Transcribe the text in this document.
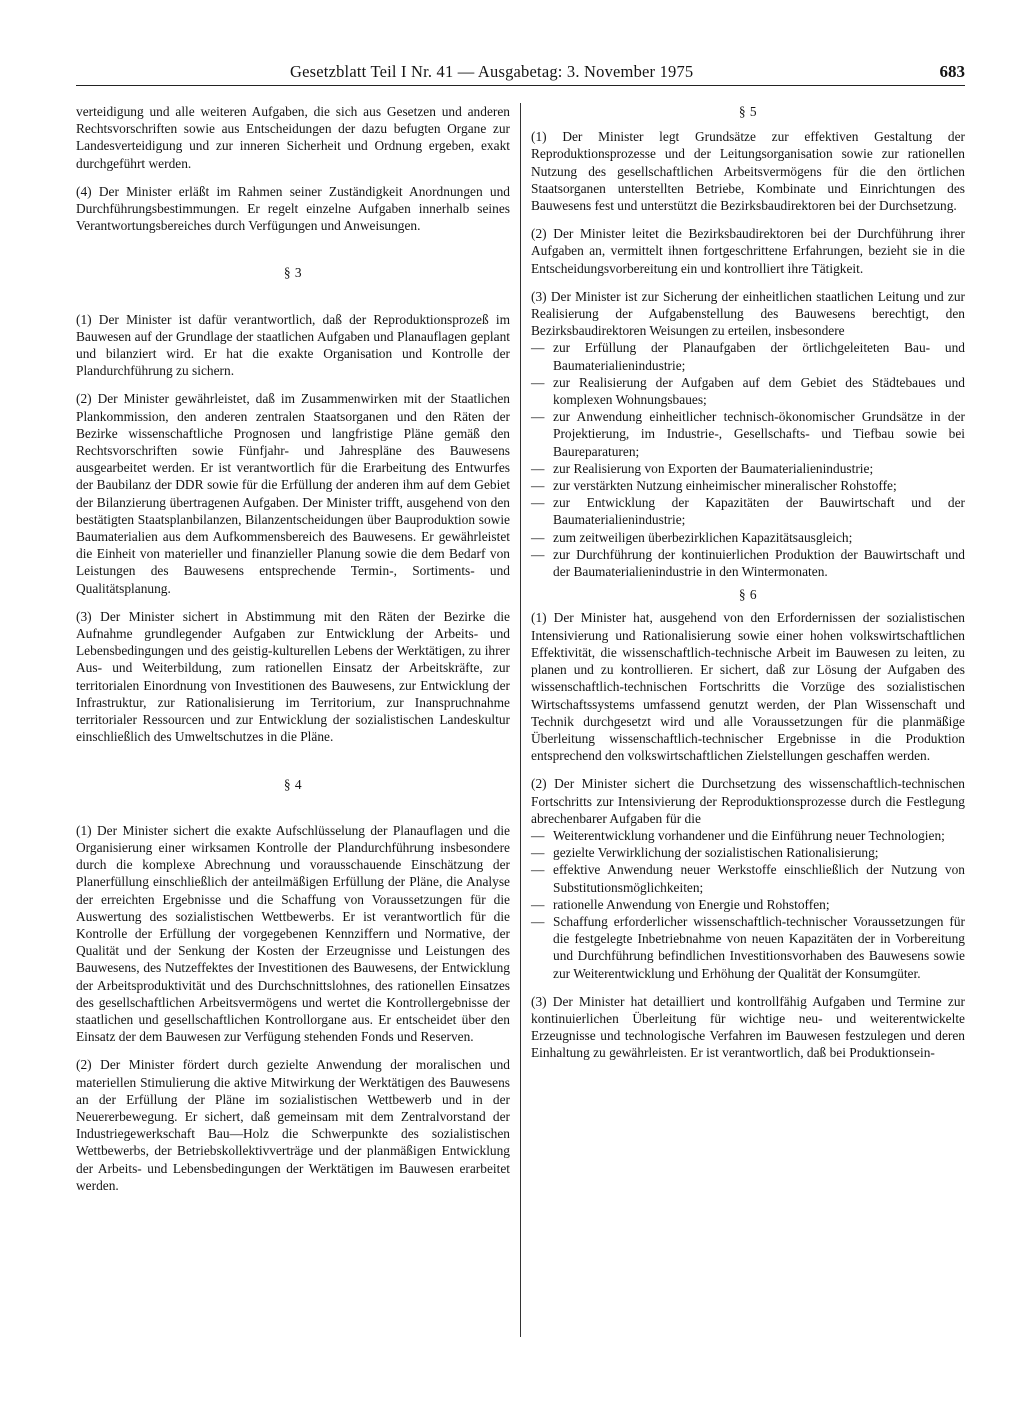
Gesetzblatt Teil I Nr. 41 — Ausgabetag: 3. November 1975	683

verteidigung und alle weiteren Aufgaben, die sich aus Gesetzen und anderen Rechtsvorschriften sowie aus Entscheidungen der dazu befugten Organe zur Landesverteidigung und zur inneren Sicherheit und Ordnung ergeben, exakt durchgeführt werden.

(4) Der Minister erläßt im Rahmen seiner Zuständigkeit Anordnungen und Durchführungsbestimmungen. Er regelt einzelne Aufgaben innerhalb seines Verantwortungsbereiches durch Verfügungen und Anweisungen.

§ 3

(1) Der Minister ist dafür verantwortlich, daß der Reproduktionsprozeß im Bauwesen auf der Grundlage der staatlichen Aufgaben und Planauflagen geplant und bilanziert wird. Er hat die exakte Organisation und Kontrolle der Plandurchführung zu sichern.

(2) Der Minister gewährleistet, daß im Zusammenwirken mit der Staatlichen Plankommission, den anderen zentralen Staatsorganen und den Räten der Bezirke wissenschaftliche Prognosen und langfristige Pläne gemäß den Rechtsvorschriften sowie Fünfjahr- und Jahrespläne des Bauwesens ausgearbeitet werden. Er ist verantwortlich für die Erarbeitung des Entwurfes der Baubilanz der DDR sowie für die Erfüllung der anderen ihm auf dem Gebiet der Bilanzierung übertragenen Aufgaben. Der Minister trifft, ausgehend von den bestätigten Staatsplanbilanzen, Bilanzentscheidungen über Bauproduktion sowie Baumaterialien aus dem Aufkommensbereich des Bauwesens. Er gewährleistet die Einheit von materieller und finanzieller Planung sowie die dem Bedarf von Leistungen des Bauwesens entsprechende Termin-, Sortiments- und Qualitätsplanung.

(3) Der Minister sichert in Abstimmung mit den Räten der Bezirke die Aufnahme grundlegender Aufgaben zur Entwicklung der Arbeits- und Lebensbedingungen und des geistig-kulturellen Lebens der Werktätigen, zu ihrer Aus- und Weiterbildung, zum rationellen Einsatz der Arbeitskräfte, zur territorialen Einordnung von Investitionen des Bauwesens, zur Entwicklung der Infrastruktur, zur Rationalisierung im Territorium, zur Inanspruchnahme territorialer Ressourcen und zur Entwicklung der sozialistischen Landeskultur einschließlich des Umweltschutzes in die Pläne.

§ 4

(1) Der Minister sichert die exakte Aufschlüsselung der Planauflagen und die Organisierung einer wirksamen Kontrolle der Plandurchführung insbesondere durch die komplexe Abrechnung und vorausschauende Einschätzung der Planerfüllung einschließlich der anteilmäßigen Erfüllung der Pläne, die Analyse der erreichten Ergebnisse und die Schaffung von Voraussetzungen für die Auswertung des sozialistischen Wettbewerbs. Er ist verantwortlich für die Kontrolle der Erfüllung der vorgegebenen Kennziffern und Normative, der Qualität und der Senkung der Kosten der Erzeugnisse und Leistungen des Bauwesens, des Nutzeffektes der Investitionen des Bauwesens, der Entwicklung der Arbeitsproduktivität und des Durchschnittslohnes, des rationellen Einsatzes des gesellschaftlichen Arbeitsvermögens und wertet die Kontrollergebnisse der staatlichen und gesellschaftlichen Kontrollorgane aus. Er entscheidet über den Einsatz der dem Bauwesen zur Verfügung stehenden Fonds und Reserven.

(2) Der Minister fördert durch gezielte Anwendung der moralischen und materiellen Stimulierung die aktive Mitwirkung der Werktätigen des Bauwesens an der Erfüllung der Pläne im sozialistischen Wettbewerb und in der Neuererbewegung. Er sichert, daß gemeinsam mit dem Zentralvorstand der Industriegewerkschaft Bau—Holz die Schwerpunkte des sozialistischen Wettbewerbs, der Betriebskollektivverträge und der planmäßigen Entwicklung der Arbeits- und Lebensbedingungen der Werktätigen im Bauwesen erarbeitet werden.

§ 5

(1) Der Minister legt Grundsätze zur effektiven Gestaltung der Reproduktionsprozesse und der Leitungsorganisation sowie zur rationellen Nutzung des gesellschaftlichen Arbeitsvermögens für die den örtlichen Staatsorganen unterstellten Betriebe, Kombinate und Einrichtungen des Bauwesens fest und unterstützt die Bezirksbaudirektoren bei der Durchsetzung.

(2) Der Minister leitet die Bezirksbaudirektoren bei der Durchführung ihrer Aufgaben an, vermittelt ihnen fortgeschrittene Erfahrungen, bezieht sie in die Entscheidungsvorbereitung ein und kontrolliert ihre Tätigkeit.

(3) Der Minister ist zur Sicherung der einheitlichen staatlichen Leitung und zur Realisierung der Aufgabenstellung des Bauwesens berechtigt, den Bezirksbaudirektoren Weisungen zu erteilen, insbesondere

— zur Erfüllung der Planaufgaben der örtlichgeleiteten Bau- und Baumaterialienindustrie;
— zur Realisierung der Aufgaben auf dem Gebiet des Städtebaues und komplexen Wohnungsbaues;
— zur Anwendung einheitlicher technisch-ökonomischer Grundsätze in der Projektierung, im Industrie-, Gesellschafts- und Tiefbau sowie bei Baureparaturen;
— zur Realisierung von Exporten der Baumaterialienindustrie;
— zur verstärkten Nutzung einheimischer mineralischer Rohstoffe;
— zur Entwicklung der Kapazitäten der Bauwirtschaft und der Baumaterialienindustrie;
— zum zeitweiligen überbezirklichen Kapazitätsausgleich;
— zur Durchführung der kontinuierlichen Produktion der Bauwirtschaft und der Baumaterialienindustrie in den Wintermonaten.
§ 6

(1) Der Minister hat, ausgehend von den Erfordernissen der sozialistischen Intensivierung und Rationalisierung sowie einer hohen volkswirtschaftlichen Effektivität, die wissenschaftlich-technische Arbeit im Bauwesen zu leiten, zu planen und zu kontrollieren. Er sichert, daß zur Lösung der Aufgaben des wissenschaftlich-technischen Fortschritts die Vorzüge des sozialistischen Wirtschaftssystems umfassend genutzt werden, der Plan Wissenschaft und Technik durchgesetzt wird und alle Voraussetzungen für die planmäßige Überleitung wissenschaftlich-technischer Ergebnisse in die Produktion entsprechend den volkswirtschaftlichen Zielstellungen geschaffen werden.

(2) Der Minister sichert die Durchsetzung des wissenschaftlich-technischen Fortschritts zur Intensivierung der Reproduktionsprozesse durch die Festlegung abrechenbarer Aufgaben für die

— Weiterentwicklung vorhandener und die Einführung neuer Technologien;
— gezielte Verwirklichung der sozialistischen Rationalisierung;
— effektive Anwendung neuer Werkstoffe einschließlich der Nutzung von Substitutionsmöglichkeiten;
— rationelle Anwendung von Energie und Rohstoffen;
— Schaffung erforderlicher wissenschaftlich-technischer Voraussetzungen für die festgelegte Inbetriebnahme von neuen Kapazitäten der in Vorbereitung und Durchführung befindlichen Investitionsvorhaben des Bauwesens sowie zur Weiterentwicklung und Erhöhung der Qualität der Konsumgüter.

(3) Der Minister hat detailliert und kontrollfähig Aufgaben und Termine zur kontinuierlichen Überleitung für wichtige neu- und weiterentwickelte Erzeugnisse und technologische Verfahren im Bauwesen festzulegen und deren Einhaltung zu gewährleisten. Er ist verantwortlich, daß bei Produktionsein-
